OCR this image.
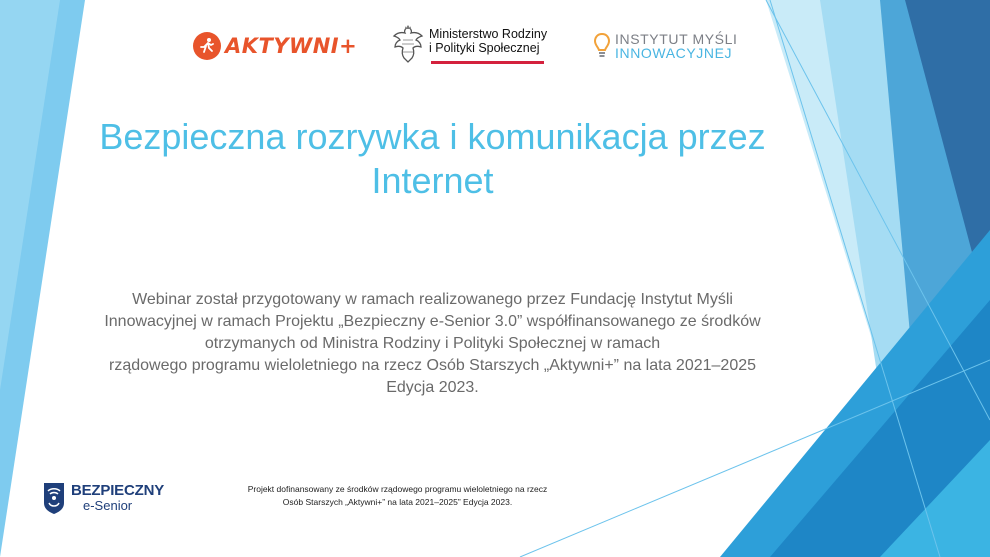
AKTYWNI+	Ministerstwo Rodziny
i Polityki Społecznej
INSTYTUT MYŚLI
INNOWACYJNEJ
Bezpieczna rozrywka i komunikacja przez
Internet
Webinar został przygotowany w ramach realizowanego przez Fundację Instytut Myśli
Innowacyjnej w ramach Projektu „Bezpieczny e-Senior 3.0” współfinansowanego ze środków
otrzymanych od Ministra Rodziny i Polityki Społecznej w ramach
rządowego programu wieloletniego na rzecz Osób Starszych „Aktywni+” na lata 2021–2025
Edycja 2023.
BEZPIECZNY
e-Senior
Projekt dofinansowany ze środków rządowego programu wieloletniego na rzecz
Osób Starszych „Aktywni+” na lata 2021–2025” Edycja 2023.
